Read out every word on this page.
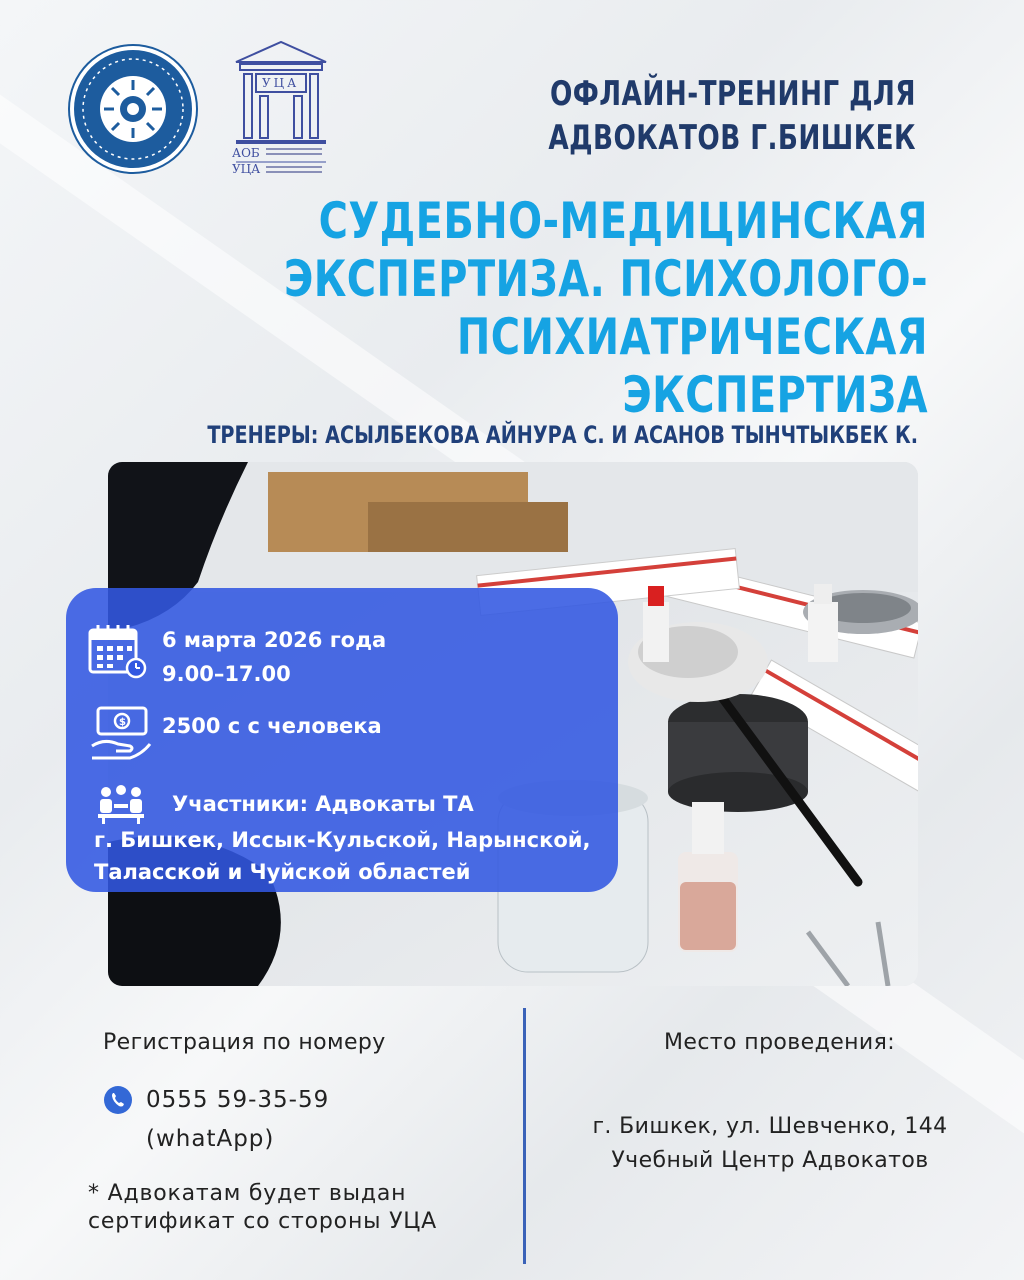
УЦА
АОБ
УЦА
ОФЛАЙН-ТРЕНИНГ ДЛЯ
АДВОКАТОВ Г.БИШКЕК
СУДЕБНО-МЕДИЦИНСКАЯ
ЭКСПЕРТИЗА. ПСИХОЛОГО-
ПСИХИАТРИЧЕСКАЯ ЭКСПЕРТИЗА
ТРЕНЕРЫ: АСЫЛБЕКОВА АЙНУРА С. И АСАНОВ ТЫНЧТЫКБЕК К.
6 марта 2026 года
9.00–17.00
$ 2500 с с человека
Участники: Адвокаты ТА
г. Бишкек, Иссык-Кульской, Нарынской,
Таласской и Чуйской областей
Регистрация по номеру
0555 59-35-59
(whatApp)
* Адвокатам будет выдан
сертификат со стороны УЦА
Место проведения:
г. Бишкек, ул. Шевченко, 144
Учебный Центр Адвокатов
